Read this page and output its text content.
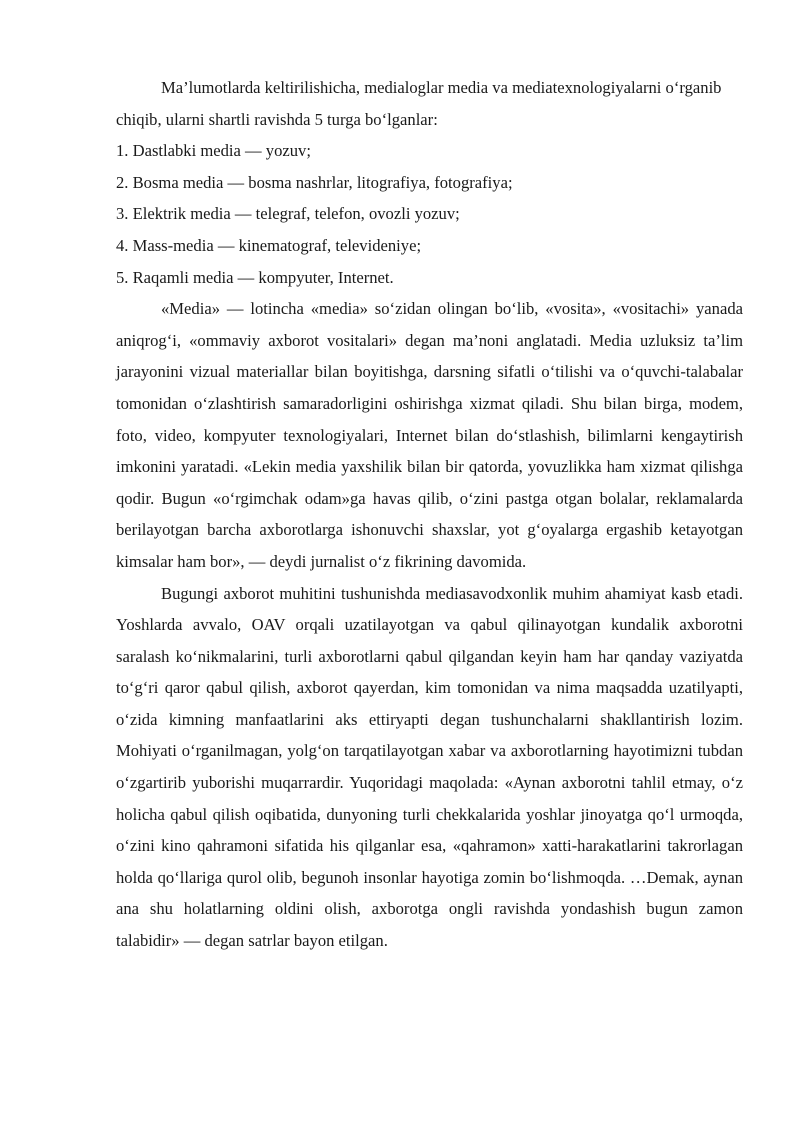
Ma’lumotlarda keltirilishicha, medialoglar media va mediatexnologiyalarni o‘rganib chiqib, ularni shartli ravishda 5 turga bo‘lganlar:

1. Dastlabki media — yozuv;

2. Bosma media — bosma nashrlar, litografiya, fotografiya;

3. Elektrik media — telegraf, telefon, ovozli yozuv;

4. Mass-media — kinematograf, televideniye;

5. Raqamli media — kompyuter, Internet.

«Media» — lotincha «media» so‘zidan olingan bo‘lib, «vosita», «vositachi» yanada aniqrog‘i, «ommaviy axborot vositalari» degan ma’noni anglatadi. Media uzluksiz ta’lim jarayonini vizual materiallar bilan boyitishga, darsning sifatli o‘tilishi va o‘quvchi-talabalar tomonidan o‘zlashtirish samaradorligini oshirishga xizmat qiladi. Shu bilan birga, modem, foto, video, kompyuter texnologiyalari, Internet bilan do‘stlashish, bilimlarni kengaytirish imkonini yaratadi. «Lekin media yaxshilik bilan bir qatorda, yovuzlikka ham xizmat qilishga qodir. Bugun «o‘rgimchak odam»ga havas qilib, o‘zini pastga otgan bolalar, reklamalarda berilayotgan barcha axborotlarga ishonuvchi shaxslar, yot g‘oyalarga ergashib ketayotgan kimsalar ham bor», — deydi jurnalist o‘z fikrining davomida.

Bugungi axborot muhitini tushunishda mediasavodxonlik muhim ahamiyat kasb etadi. Yoshlarda avvalo, OAV orqali uzatilayotgan va qabul qilinayotgan kundalik axborotni saralash ko‘nikmalarini, turli axborotlarni qabul qilgandan keyin ham har qanday vaziyatda to‘g‘ri qaror qabul qilish, axborot qayerdan, kim tomonidan va nima maqsadda uzatilyapti, o‘zida kimning manfaatlarini aks ettiryapti degan tushunchalarni shakllantirish lozim. Mohiyati o‘rganilmagan, yolg‘on tarqatilayotgan xabar va axborotlarning hayotimizni tubdan o‘zgartirib yuborishi muqarrardir. Yuqoridagi maqolada: «Aynan axborotni tahlil etmay, o‘z holicha qabul qilish oqibatida, dunyoning turli chekkalarida yoshlar jinoyatga qo‘l urmoqda, o‘zini kino qahramoni sifatida his qilganlar esa, «qahramon» xatti-harakatlarini takrorlagan holda qo‘llariga qurol olib, begunoh insonlar hayotiga zomin bo‘lishmoqda. …Demak, aynan ana shu holatlarning oldini olish, axborotga ongli ravishda yondashish bugun zamon talabidir» — degan satrlar bayon etilgan.
